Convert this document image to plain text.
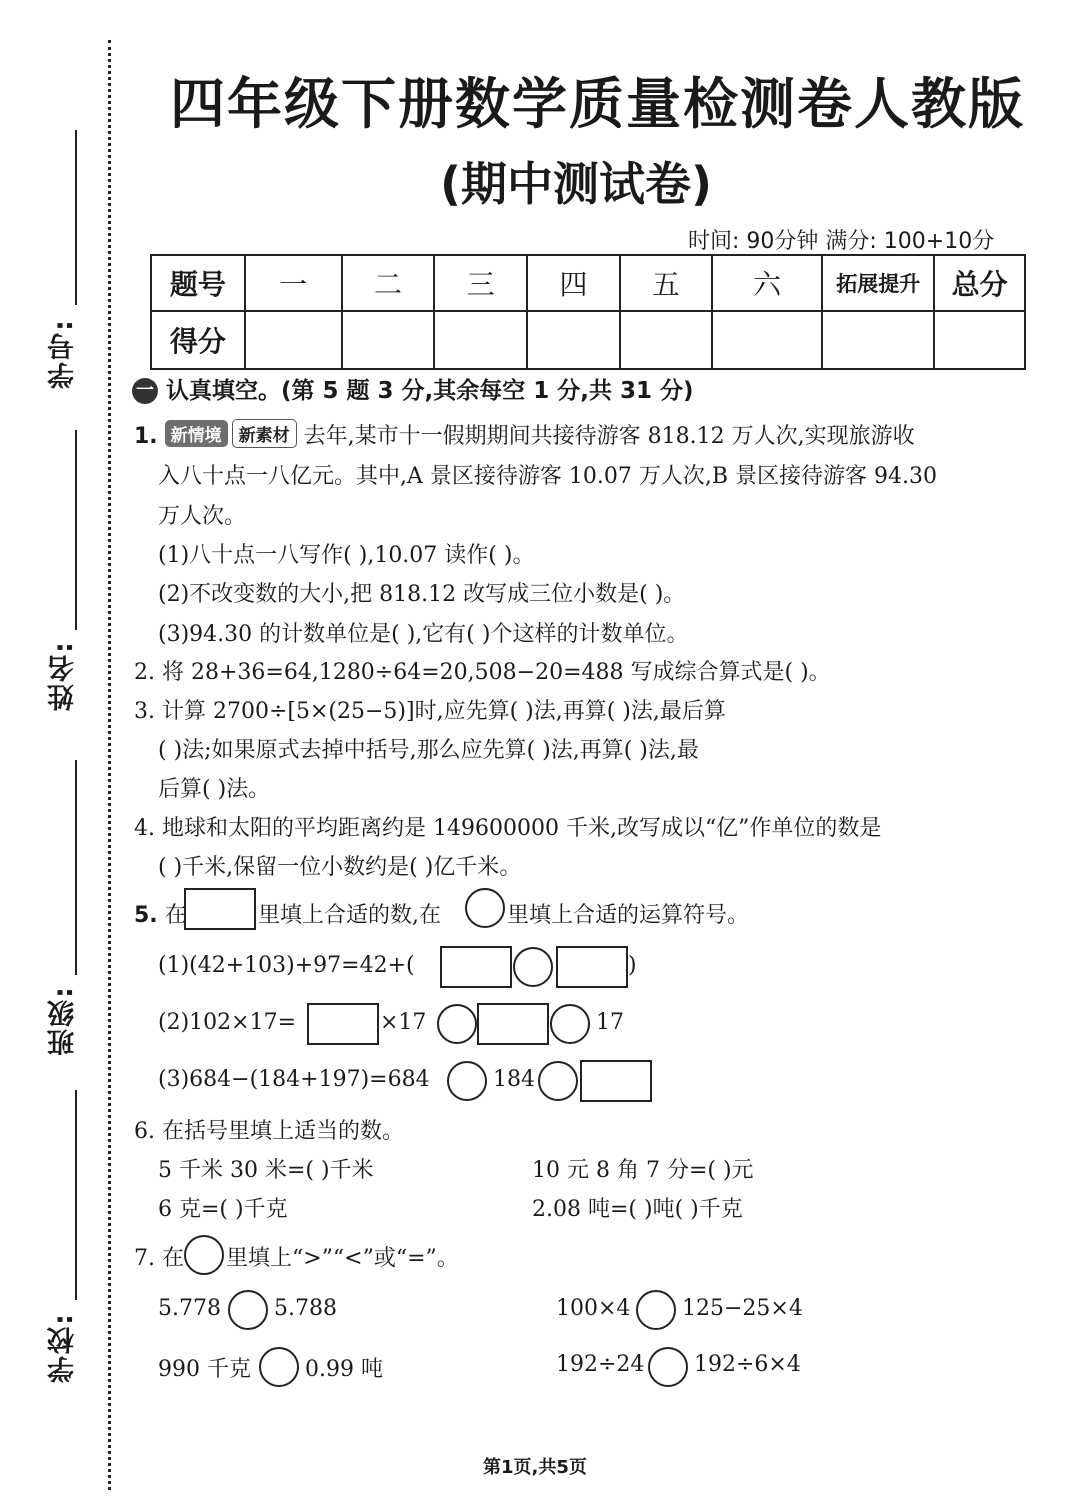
学号:
姓名:
班级:
学校:
四年级下册数学质量检测卷人教版
(期中测试卷)
时间: 90分钟 满分: 100+10分
题号	一	二	三	四	五	六	拓展提升	总分
得分								
一 认真填空。(第 5 题 3 分,其余每空 1 分,共 31 分)
1. 新情境 新素材 去年,某市十一假期期间共接待游客 818.12 万人次,实现旅游收
入八十点一八亿元。其中,A 景区接待游客 10.07 万人次,B 景区接待游客 94.30
万人次。
(1)八十点一八写作( ),10.07 读作( )。
(2)不改变数的大小,把 818.12 改写成三位小数是( )。
(3)94.30 的计数单位是( ),它有( )个这样的计数单位。
2. 将 28+36=64,1280÷64=20,508−20=488 写成综合算式是( )。
3. 计算 2700÷[5×(25−5)]时,应先算( )法,再算( )法,最后算
( )法;如果原式去掉中括号,那么应先算( )法,再算( )法,最
后算( )法。
4. 地球和太阳的平均距离约是 149600000 千米,改写成以“亿”作单位的数是
( )千米,保留一位小数约是( )亿千米。
5. 在	里填上合适的数,在	里填上合适的运算符号。
(1)(42+103)+97=42+(	)
(2)102×17=	×17	17
(3)684−(184+197)=684	184
6. 在括号里填上适当的数。
5 千米 30 米=( )千米	10 元 8 角 7 分=( )元
6 克=( )千克	2.08 吨=( )吨( )千克
7. 在 里填上“>”“<”或“=”。
5.778 5.788	100×4 125−25×4
990 千克 0.99 吨	192÷24 192÷6×4
第1页,共5页
